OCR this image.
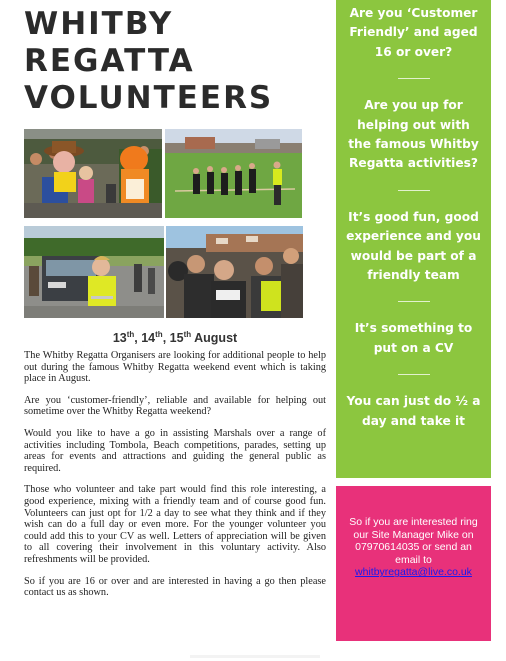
WHITBY
REGATTA
VOLUNTEERS
13th, 14th, 15th August

The Whitby Regatta Organisers are looking for additional people to help out during the famous Whitby Regatta weekend event which is taking place in August.

Are you ‘customer-friendly’, reliable and available for helping out sometime over the Whitby Regatta weekend?

Would you like to have a go in assisting Marshals over a range of activities including Tombola, Beach competitions, parades, setting up areas for events and attractions and guiding the general public as required.

Those who volunteer and take part would find this role interesting, a good experience, mixing with a friendly team and of course good fun. Volunteers can just opt for 1/2 a day to see what they think and if they wish can do a full day or even more. For the younger volunteer you could add this to your CV as well. Letters of appreciation will be given to all covering their involvement in this voluntary activity. Also refreshments will be provided.

So if you are 16 or over and are interested in having a go then please contact us as shown.

Are you ‘Customer Friendly’ and aged 16 or over?

Are you up for helping out with the famous Whitby Regatta activities?

It’s good fun, good experience and you would be part of a friendly team

It’s something to put on a CV

You can just do ½ a day and take it

So if you are interested ring our Site Manager Mike on 07970614035 or send an email to
whitbyregatta@live.co.uk
